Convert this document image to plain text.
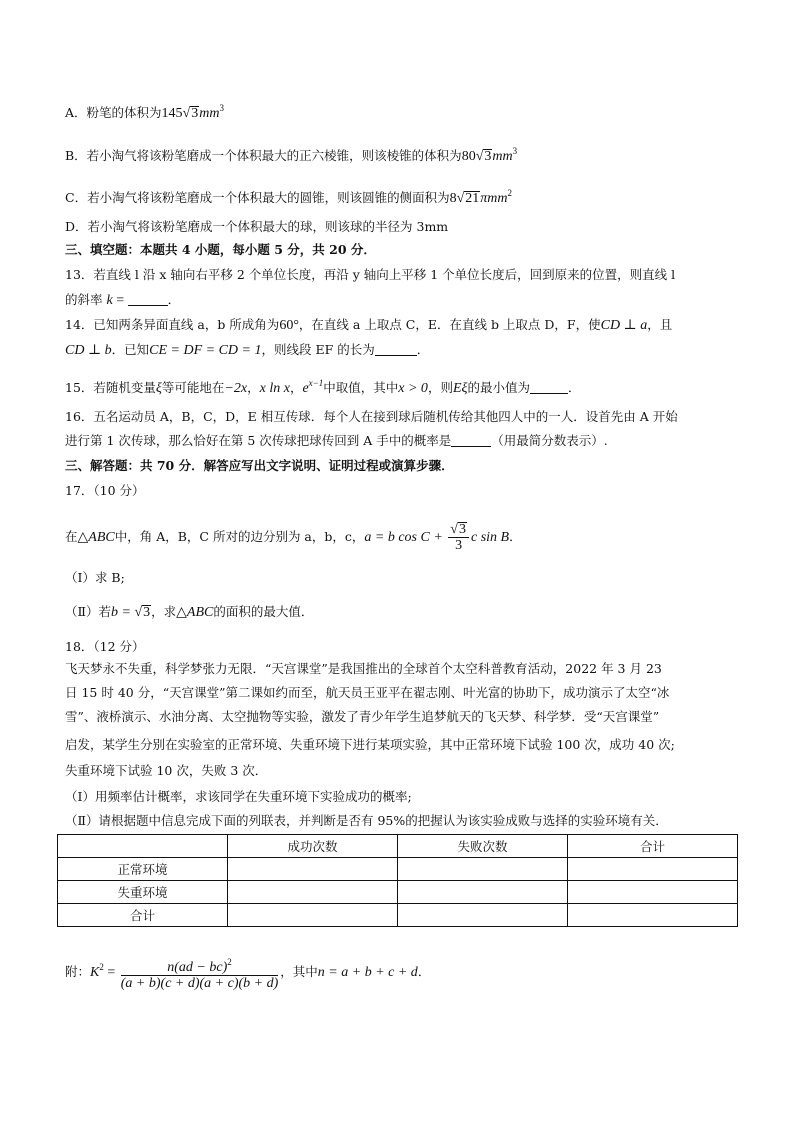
A．粉笔的体积为$145√3mm^3$
B．若小淘气将该粉笔磨成一个体积最大的正六棱锥，则该棱锥的体积为$80√3mm^3$
C．若小淘气将该粉笔磨成一个体积最大的圆锥，则该圆锥的侧面积为8√21πmm$^2$
D．若小淘气将该粉笔磨成一个体积最大的球，则该球的半径为 3mm
三、填空题：本题共 4 小题，每小题 5 分，共 20 分．
13．若直线 l 沿 x 轴向右平移 2 个单位长度，再沿 y 轴向上平移 1 个单位长度后，回到原来的位置，则直线 l
的斜率 k =	．
14．已知两条异面直线 a，b 所成角为60°，在直线 a 上取点 C，E．在直线 b 上取点 D，F，使CD ⊥ a，且
CD ⊥ b．已知CE = DF = CD = 1，则线段 EF 的长为	．
15．若随机变量ξ等可能地在−2x，x ln x，$e^{x-1}$中取值，其中x > 0，则Eξ的最小值为	．
16．五名运动员 A，B，C，D，E 相互传球．每个人在接到球后随机传给其他四人中的一人．设首先由 A 开始
进行第 1 次传球，那么恰好在第 5 次传球把球传回到 A 手中的概率是	（用最简分数表示）.
三、解答题：共 70 分．解答应写出文字说明、证明过程或演算步骤．
17．（10 分）
在△ABC中，角 A，B，C 所对的边分别为 a，b，c，a = b $\cos C + \frac{√3}{3}$ c sin B．
（Ⅰ）求 B;
（Ⅱ）若b = √3，求△ABC的面积的最大值．
18．（12 分）
飞天梦永不失重，科学梦张力无限．“天宫课堂”是我国推出的全球首个太空科普教育活动，2022 年 3 月 23
日 15 时 40 分，“天宫课堂”第二课如约而至，航天员王亚平在翟志刚、叶光富的协助下，成功演示了太空“冰
雪”、液桥演示、水油分离、太空抛物等实验，激发了青少年学生追梦航天的飞天梦、科学梦．受“天宫课堂”
启发，某学生分别在实验室的正常环境、失重环境下进行某项实验，其中正常环境下试验 100 次，成功 40 次;
失重环境下试验 10 次，失败 3 次．
（Ⅰ）用频率估计概率，求该同学在失重环境下实验成功的概率;
（Ⅱ）请根据题中信息完成下面的列联表，并判断是否有 95%的把握认为该实验成败与选择的实验环境有关．
	成功次数	失败次数	合计
正常环境			
失重环境			
合计			
附：$K^2 = \frac{n(ad - bc)^2}{(a + b)(c + d)(a + c)(b + d)}$ ，其中n = a + b + c + d．
